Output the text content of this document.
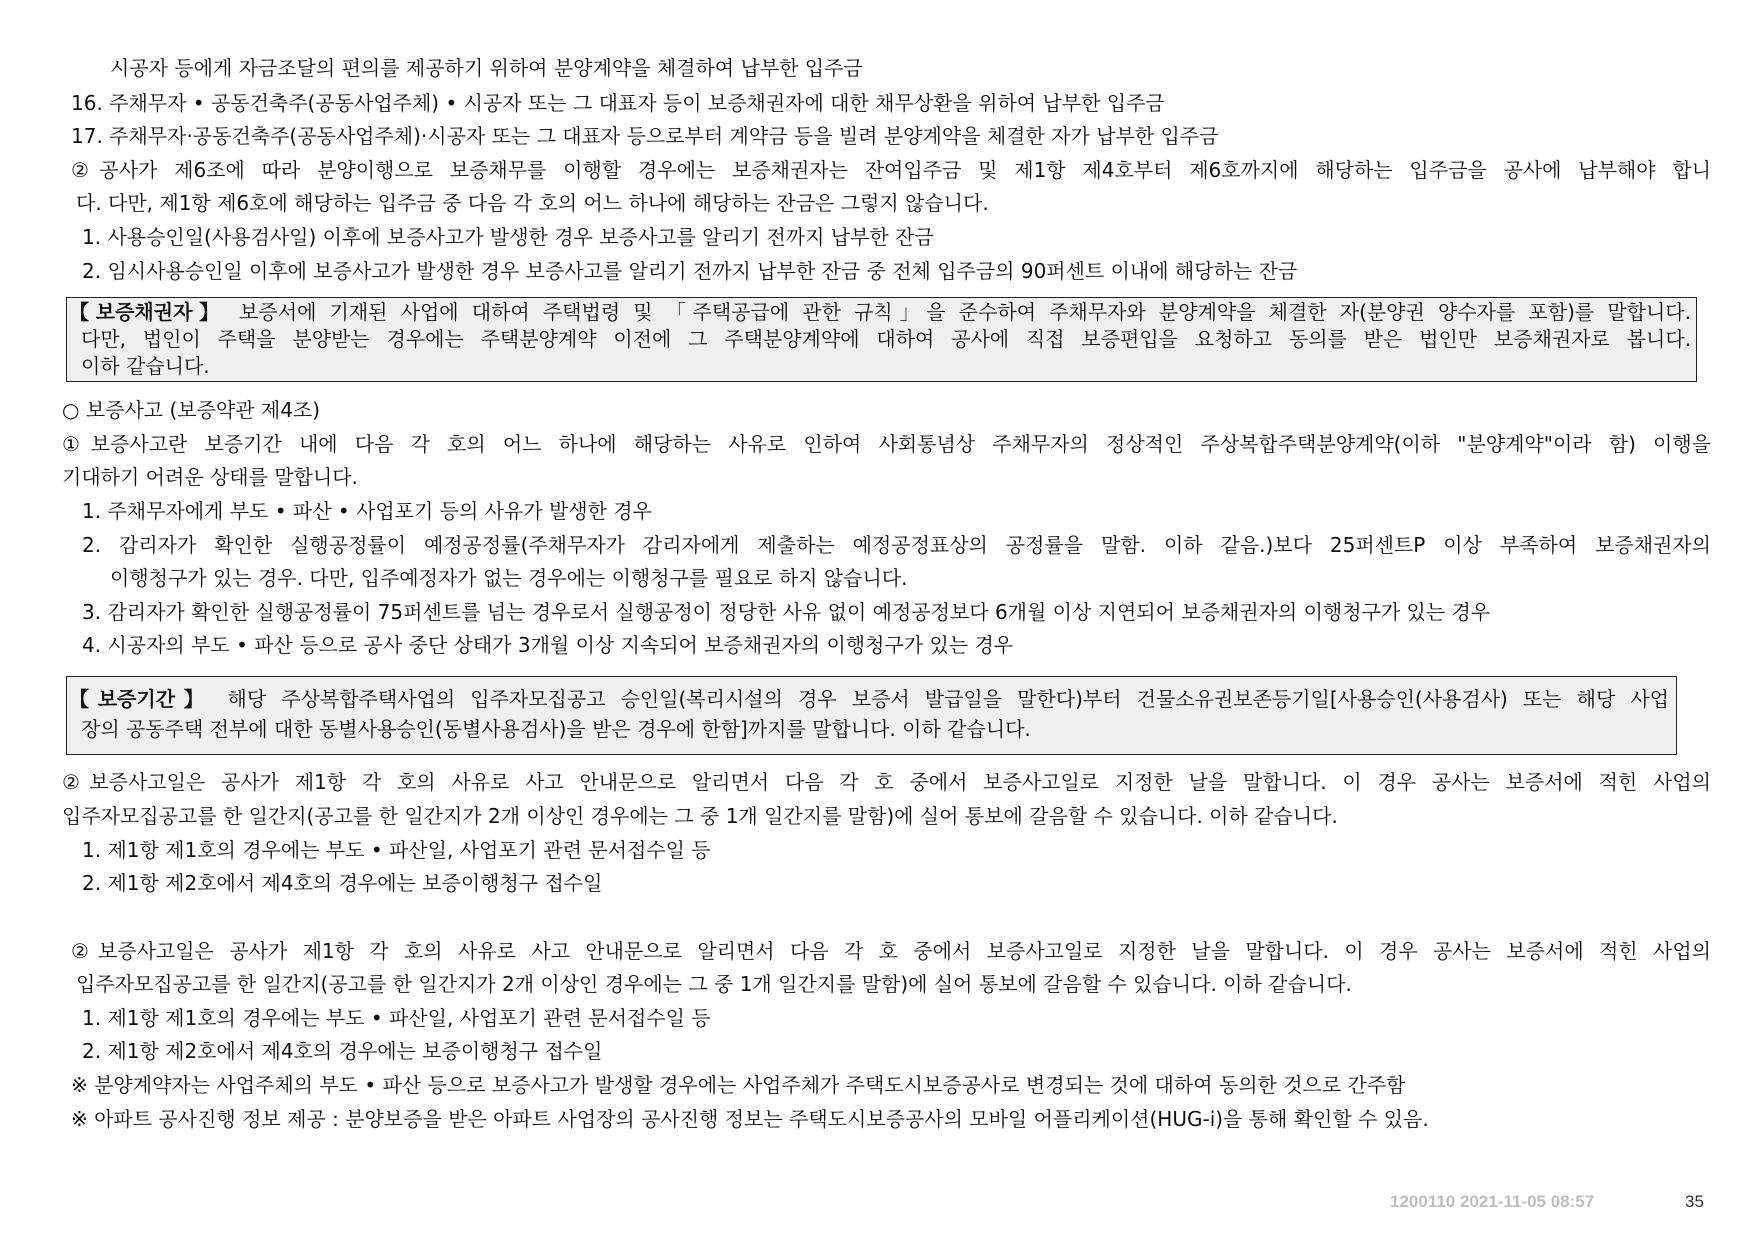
시공자 등에게 자금조달의 편의를 제공하기 위하여 분양계약을 체결하여 납부한 입주금
16. 주채무자 • 공동건축주(공동사업주체) • 시공자 또는 그 대표자 등이 보증채권자에 대한 채무상환을 위하여 납부한 입주금
17. 주채무자·공동건축주(공동사업주체)·시공자 또는 그 대표자 등으로부터 계약금 등을 빌려 분양계약을 체결한 자가 납부한 입주금
②공사가 제6조에 따라 분양이행으로 보증채무를 이행할 경우에는 보증채권자는 잔여입주금 및 제1항 제4호부터 제6호까지에 해당하는 입주금을 공사에 납부해야 합니
다. 다만, 제1항 제6호에 해당하는 입주금 중 다음 각 호의 어느 하나에 해당하는 잔금은 그렇지 않습니다.
1. 사용승인일(사용검사일) 이후에 보증사고가 발생한 경우 보증사고를 알리기 전까지 납부한 잔금
2. 임시사용승인일 이후에 보증사고가 발생한 경우 보증사고를 알리기 전까지 납부한 잔금 중 전체 입주금의 90퍼센트 이내에 해당하는 잔금
【보증채권자】 보증서에 기재된 사업에 대하여 주택법령 및 「주택공급에 관한 규칙」을 준수하여 주채무자와 분양계약을 체결한 자(분양권 양수자를 포함)를 말합니다.
다만, 법인이 주택을 분양받는 경우에는 주택분양계약 이전에 그 주택분양계약에 대하여 공사에 직접 보증편입을 요청하고 동의를 받은 법인만 보증채권자로 봅니다.
이하 같습니다.
○ 보증사고 (보증약관 제4조)
①보증사고란 보증기간 내에 다음 각 호의 어느 하나에 해당하는 사유로 인하여 사회통념상 주채무자의 정상적인 주상복합주택분양계약(이하 "분양계약"이라 함) 이행을
기대하기 어려운 상태를 말합니다.
1. 주채무자에게 부도 • 파산 • 사업포기 등의 사유가 발생한 경우
2. 감리자가 확인한 실행공정률이 예정공정률(주채무자가 감리자에게 제출하는 예정공정표상의 공정률을 말함. 이하 같음.)보다 25퍼센트P 이상 부족하여 보증채권자의
이행청구가 있는 경우. 다만, 입주예정자가 없는 경우에는 이행청구를 필요로 하지 않습니다.
3. 감리자가 확인한 실행공정률이 75퍼센트를 넘는 경우로서 실행공정이 정당한 사유 없이 예정공정보다 6개월 이상 지연되어 보증채권자의 이행청구가 있는 경우
4. 시공자의 부도 • 파산 등으로 공사 중단 상태가 3개월 이상 지속되어 보증채권자의 이행청구가 있는 경우
【보증기간】 해당 주상복합주택사업의 입주자모집공고 승인일(복리시설의 경우 보증서 발급일을 말한다)부터 건물소유권보존등기일[사용승인(사용검사) 또는 해당 사업
장의 공동주택 전부에 대한 동별사용승인(동별사용검사)을 받은 경우에 한함]까지를 말합니다. 이하 같습니다.
②보증사고일은 공사가 제1항 각 호의 사유로 사고 안내문으로 알리면서 다음 각 호 중에서 보증사고일로 지정한 날을 말합니다. 이 경우 공사는 보증서에 적힌 사업의
입주자모집공고를 한 일간지(공고를 한 일간지가 2개 이상인 경우에는 그 중 1개 일간지를 말함)에 실어 통보에 갈음할 수 있습니다. 이하 같습니다.
1. 제1항 제1호의 경우에는 부도 • 파산일, 사업포기 관련 문서접수일 등
2. 제1항 제2호에서 제4호의 경우에는 보증이행청구 접수일
②보증사고일은 공사가 제1항 각 호의 사유로 사고 안내문으로 알리면서 다음 각 호 중에서 보증사고일로 지정한 날을 말합니다. 이 경우 공사는 보증서에 적힌 사업의
입주자모집공고를 한 일간지(공고를 한 일간지가 2개 이상인 경우에는 그 중 1개 일간지를 말함)에 실어 통보에 갈음할 수 있습니다. 이하 같습니다.
1. 제1항 제1호의 경우에는 부도 • 파산일, 사업포기 관련 문서접수일 등
2. 제1항 제2호에서 제4호의 경우에는 보증이행청구 접수일
※ 분양계약자는 사업주체의 부도 • 파산 등으로 보증사고가 발생할 경우에는 사업주체가 주택도시보증공사로 변경되는 것에 대하여 동의한 것으로 간주함
※ 아파트 공사진행 정보 제공 : 분양보증을 받은 아파트 사업장의 공사진행 정보는 주택도시보증공사의 모바일 어플리케이션(HUG-i)을 통해 확인할 수 있음.
1200110 2021-11-05 08:57	35
